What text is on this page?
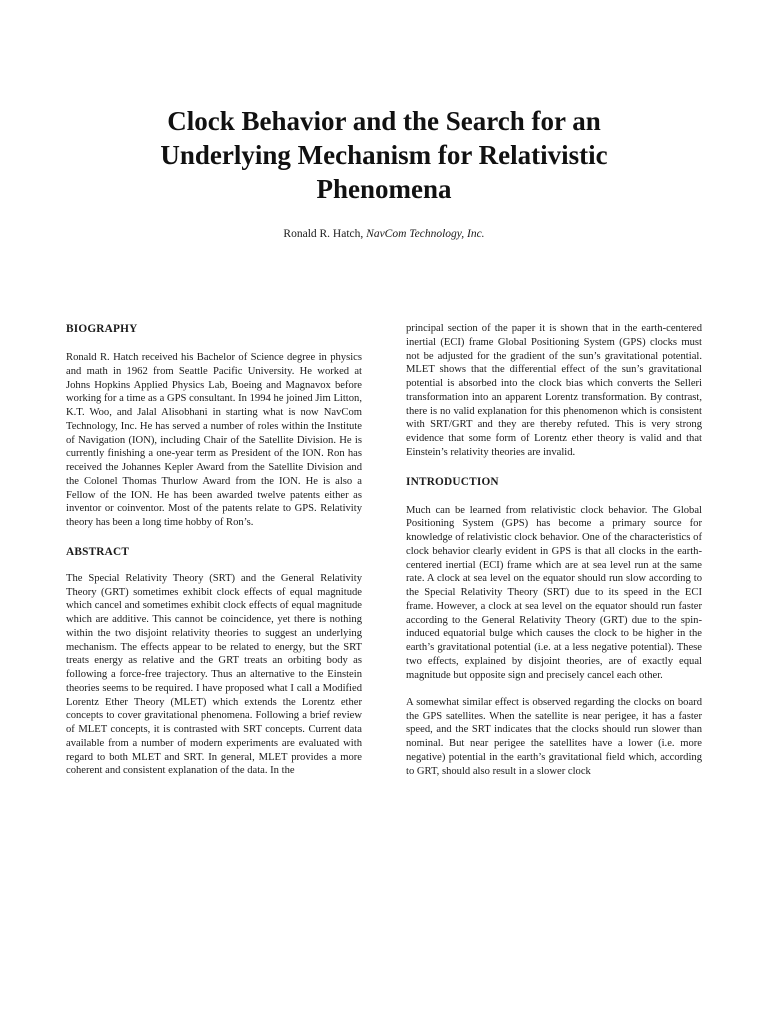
Clock Behavior and the Search for an Underlying Mechanism for Relativistic Phenomena
Ronald R. Hatch, NavCom Technology, Inc.
BIOGRAPHY

Ronald R. Hatch received his Bachelor of Science degree in physics and math in 1962 from Seattle Pacific University. He worked at Johns Hopkins Applied Physics Lab, Boeing and Magnavox before working for a time as a GPS consultant. In 1994 he joined Jim Litton, K.T. Woo, and Jalal Alisobhani in starting what is now NavCom Technology, Inc. He has served a number of roles within the Institute of Navigation (ION), including Chair of the Satellite Division. He is currently finishing a one-year term as President of the ION. Ron has received the Johannes Kepler Award from the Satellite Division and the Colonel Thomas Thurlow Award from the ION. He is also a Fellow of the ION. He has been awarded twelve patents either as inventor or coinventor. Most of the patents relate to GPS. Relativity theory has been a long time hobby of Ron’s.

ABSTRACT

The Special Relativity Theory (SRT) and the General Relativity Theory (GRT) sometimes exhibit clock effects of equal magnitude which cancel and sometimes exhibit clock effects of equal magnitude which are additive. This cannot be coincidence, yet there is nothing within the two disjoint relativity theories to suggest an underlying mechanism. The effects appear to be related to energy, but the SRT treats energy as relative and the GRT treats an orbiting body as following a force-free trajectory. Thus an alternative to the Einstein theories seems to be required. I have proposed what I call a Modified Lorentz Ether Theory (MLET) which extends the Lorentz ether concepts to cover gravitational phenomena. Following a brief review of MLET concepts, it is contrasted with SRT concepts. Current data available from a number of modern experiments are evaluated with regard to both MLET and SRT. In general, MLET provides a more coherent and consistent explanation of the data. In the

principal section of the paper it is shown that in the earth-centered inertial (ECI) frame Global Positioning System (GPS) clocks must not be adjusted for the gradient of the sun’s gravitational potential. MLET shows that the differential effect of the sun’s gravitational potential is absorbed into the clock bias which converts the Selleri transformation into an apparent Lorentz transformation. By contrast, there is no valid explanation for this phenomenon which is consistent with SRT/GRT and they are thereby refuted. This is very strong evidence that some form of Lorentz ether theory is valid and that Einstein’s relativity theories are invalid.

INTRODUCTION

Much can be learned from relativistic clock behavior. The Global Positioning System (GPS) has become a primary source for knowledge of relativistic clock behavior. One of the characteristics of clock behavior clearly evident in GPS is that all clocks in the earth-centered inertial (ECI) frame which are at sea level run at the same rate. A clock at sea level on the equator should run slow according to the Special Relativity Theory (SRT) due to its speed in the ECI frame. However, a clock at sea level on the equator should run faster according to the General Relativity Theory (GRT) due to the spin-induced equatorial bulge which causes the clock to be higher in the earth’s gravitational potential (i.e. at a less negative potential). These two effects, explained by disjoint theories, are of exactly equal magnitude but opposite sign and precisely cancel each other.

A somewhat similar effect is observed regarding the clocks on board the GPS satellites. When the satellite is near perigee, it has a faster speed, and the SRT indicates that the clocks should run slower than nominal. But near perigee the satellites have a lower (i.e. more negative) potential in the earth’s gravitational field which, according to GRT, should also result in a slower clock
